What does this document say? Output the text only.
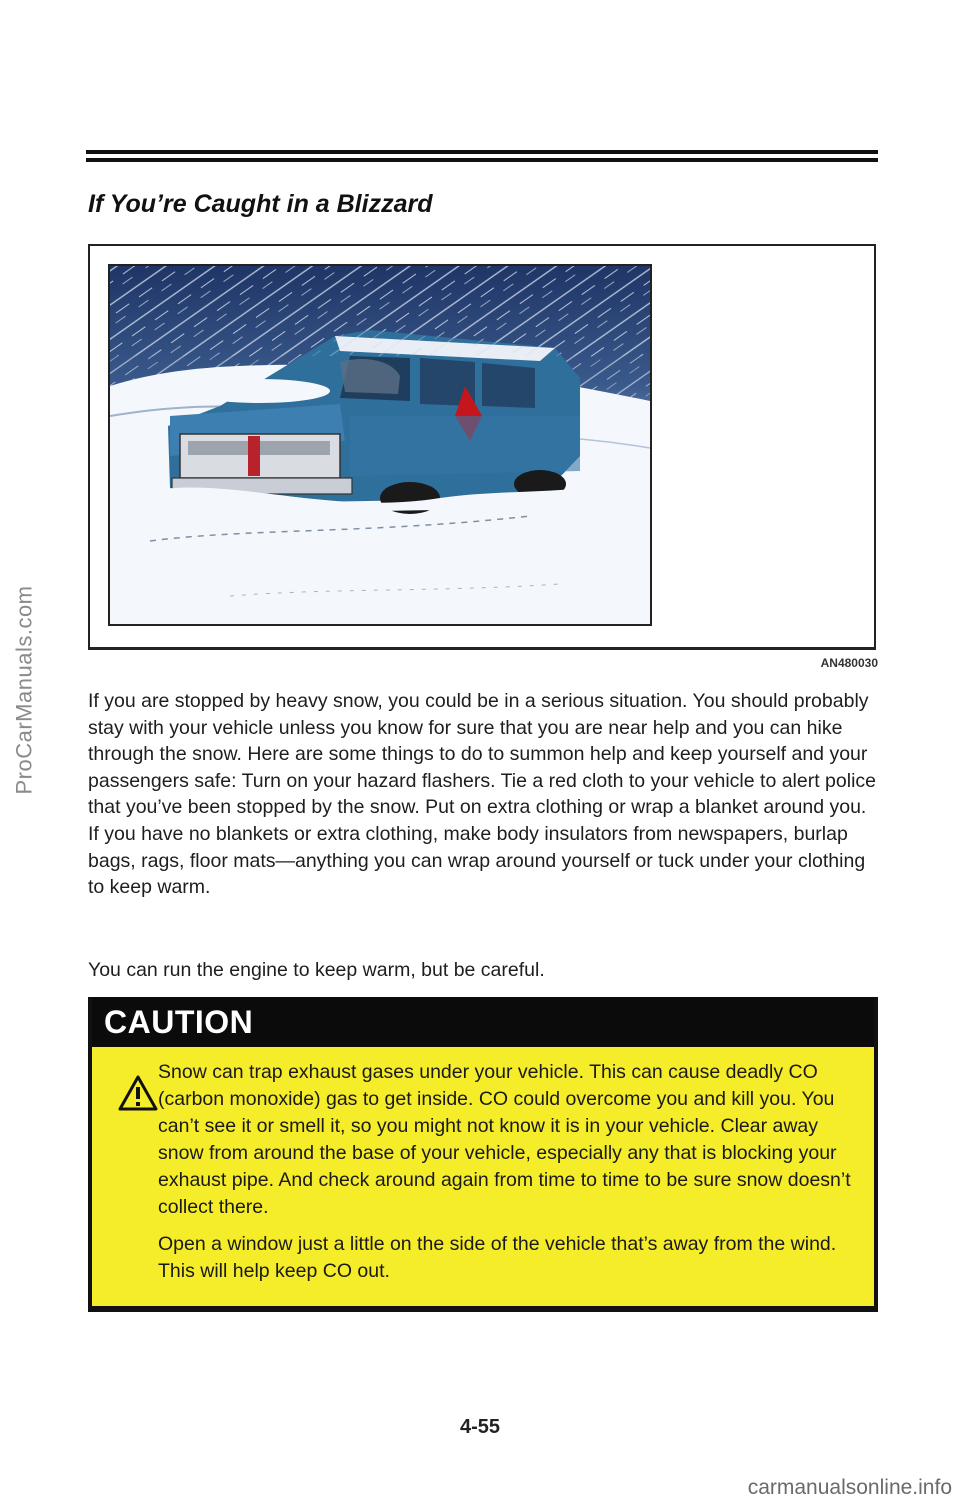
ProCarManuals.com
If You’re Caught in a Blizzard
AN480030

If you are stopped by heavy snow, you could be in a serious situation. You should probably stay with your vehicle unless you know for sure that you are near help and you can hike through the snow. Here are some things to do to summon help and keep yourself and your passengers safe: Turn on your hazard flashers. Tie a red cloth to your vehicle to alert police that you’ve been stopped by the snow. Put on extra clothing or wrap a blanket around you. If you have no blankets or extra clothing, make body insulators from newspapers, burlap bags, rags, floor mats—anything you can wrap around yourself or tuck under your clothing to keep warm.

You can run the engine to keep warm, but be careful.

CAUTION

Snow can trap exhaust gases under your vehicle. This can cause deadly CO (carbon monoxide) gas to get inside. CO could overcome you and kill you. You can’t see it or smell it, so you might not know it is in your vehicle. Clear away snow from around the base of your vehicle, especially any that is blocking your exhaust pipe. And check around again from time to time to be sure snow doesn’t collect there.

Open a window just a little on the side of the vehicle that’s away from the wind. This will help keep CO out.

4-55
carmanualsonline.info
